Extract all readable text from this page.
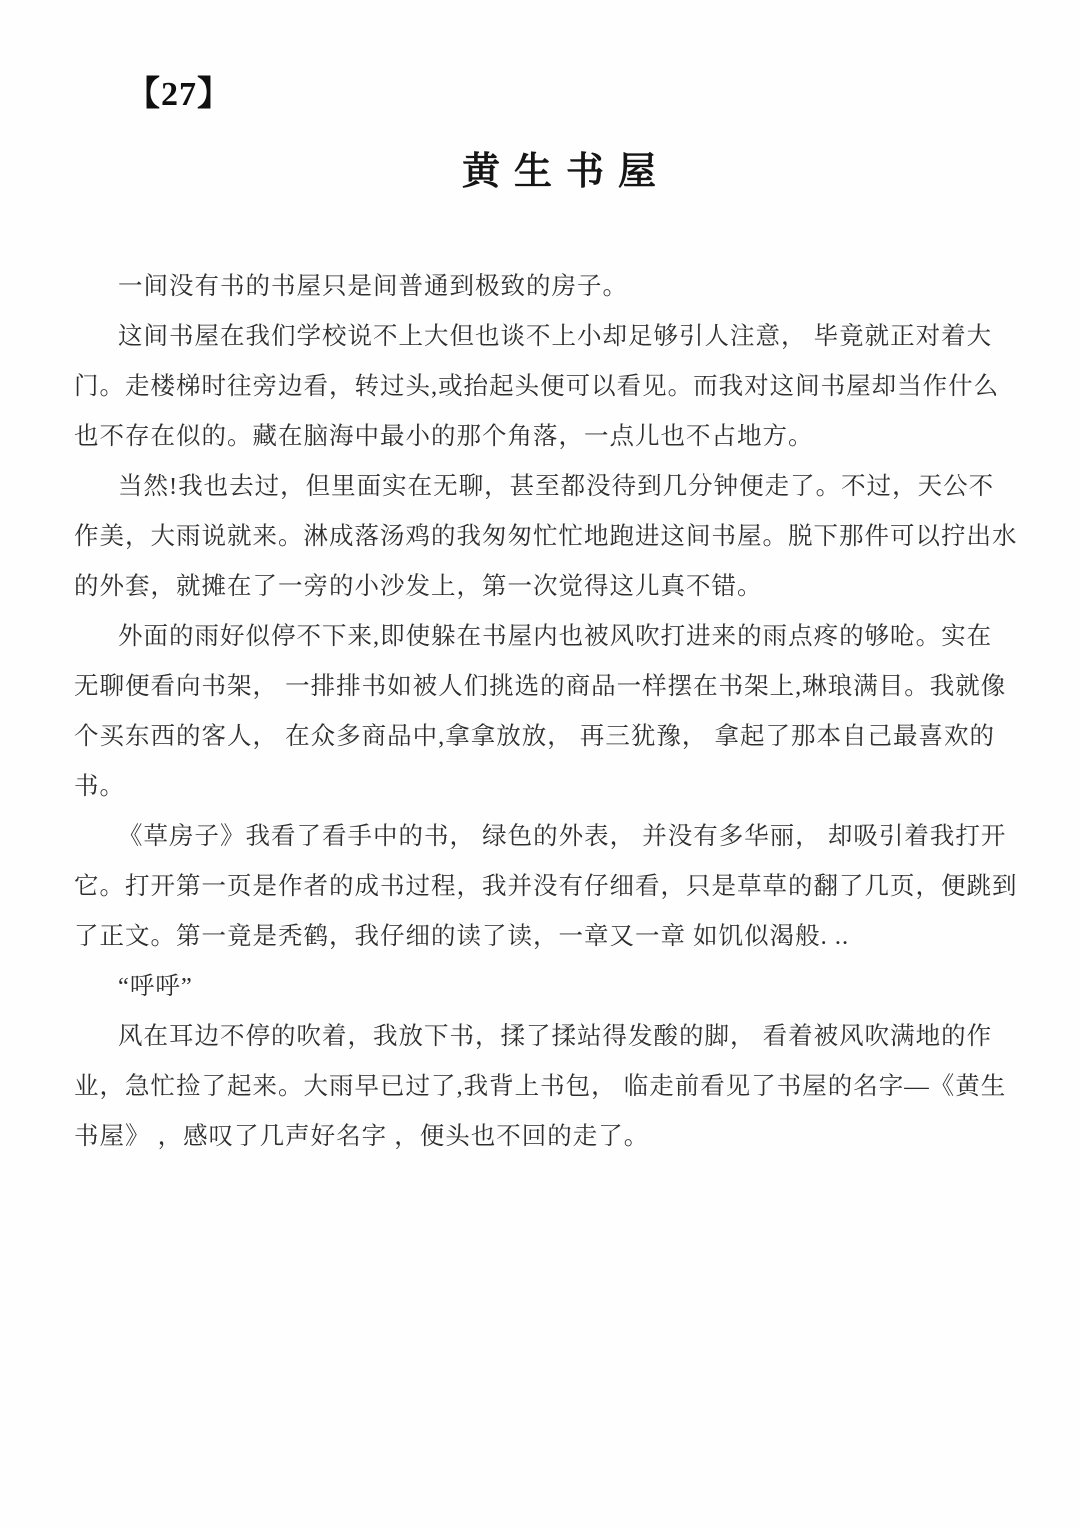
【27】
黄生书屋
一间没有书的书屋只是间普通到极致的房子。
这间书屋在我们学校说不上大但也谈不上小却足够引人注意， 毕竟就正对着大
门。走楼梯时往旁边看，转过头,或抬起头便可以看见。而我对这间书屋却当作什么
也不存在似的。藏在脑海中最小的那个角落，一点儿也不占地方。
当然!我也去过，但里面实在无聊，甚至都没待到几分钟便走了。不过，天公不
作美，大雨说就来。淋成落汤鸡的我匆匆忙忙地跑进这间书屋。脱下那件可以拧出水
的外套，就摊在了一旁的小沙发上，第一次觉得这儿真不错。
外面的雨好似停不下来,即使躲在书屋内也被风吹打进来的雨点疼的够呛。实在
无聊便看向书架， 一排排书如被人们挑选的商品一样摆在书架上,琳琅满目。我就像
个买东西的客人， 在众多商品中,拿拿放放， 再三犹豫， 拿起了那本自己最喜欢的
书。
《草房子》我看了看手中的书， 绿色的外表， 并没有多华丽， 却吸引着我打开
它。打开第一页是作者的成书过程，我并没有仔细看，只是草草的翻了几页，便跳到
了正文。第一竟是秃鹤，我仔细的读了读，一章又一章 如饥似渴般. ..
“呼呼”
风在耳边不停的吹着，我放下书，揉了揉站得发酸的脚， 看着被风吹满地的作
业，急忙捡了起来。大雨早已过了,我背上书包， 临走前看见了书屋的名字—《黄生
书屋》 ，感叹了几声好名字 ，便头也不回的走了。
